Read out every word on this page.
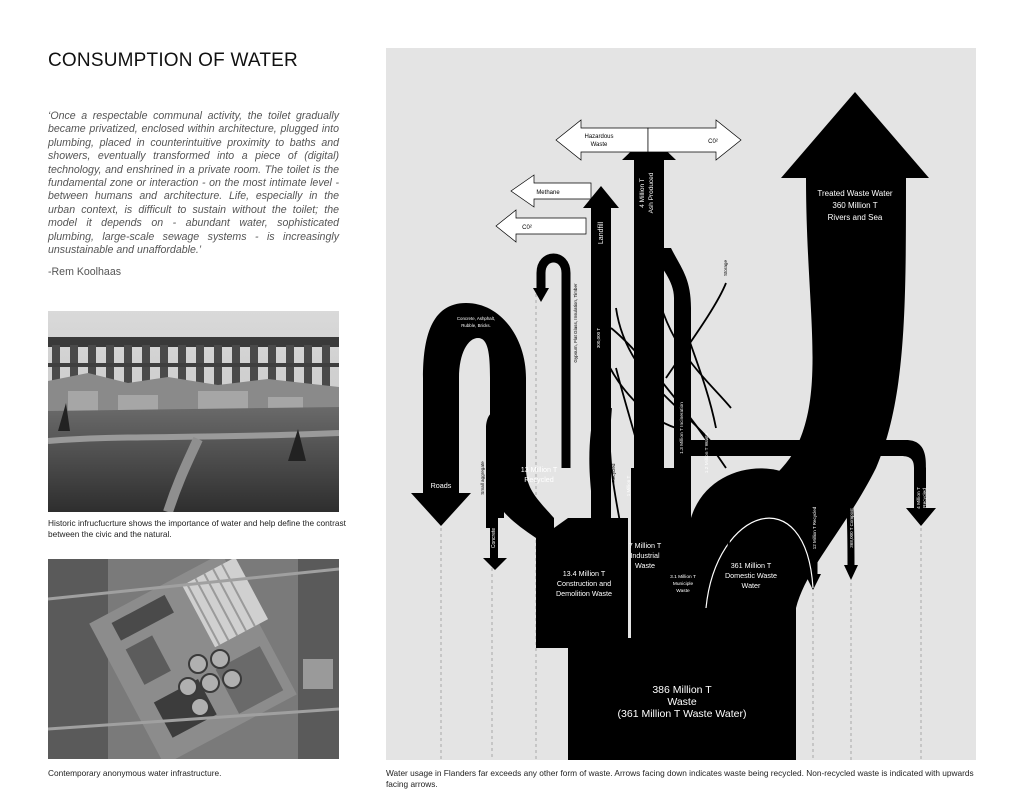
CONSUMPTION OF WATER
‘Once a respectable communal activity, the toilet gradually became privatized, enclosed within architecture, plugged into plumbing, placed in counterintuitive proximity to baths and showers, eventually transformed into a piece of (digital) technology, and enshrined in a private room. The toilet is the fundamental zone or interaction - on the most intimate level - between humans and architecture. Life, especially in the urban context, is difficult to sustain without the toilet; the model it depends on - abundant water, sophisticated plumbing, large-scale sewage systems - is increasingly unsustainable and unaffordable.’
-Rem Koolhaas
Historic infrucfucrture shows the importance of water and help define the contrast between the civic and the natural.
Contemporary anonymous water infrastructure.
386 Million T
Waste
(361 Million T Waste Water)
13.4 Million T
Construction and
Demolition Waste
7 Million T
Industrial
Waste
3.1 Million T
Municiple
Waste
361 Million T
Domestic Waste
Water
Treated Waste Water
360 Million T
Rivers and Sea
13 Million T
Recycled
Roads
Concrete, Ashphalt,
Rubble, Bricks.
Concrete
Landfill
300,000 T
4 Million T Ash Produced
1.3 Million T Incineration	1.2 Million T Waste
1 Million T
12 Million T Recycled	368,000 T Compost
4 Million T Recycled
Small aggregate
Raw Material Roads
Gypsum, Flat Glass, Insulation, Timber
Storage
Hazardous
By Product
Recycled
Hazardous
Waste	C0²
Methane
C0²
Water usage in Flanders far exceeds any other form of waste. Arrows facing down indicates waste being recycled. Non-recycled waste is indicated with upwards facing arrows.
